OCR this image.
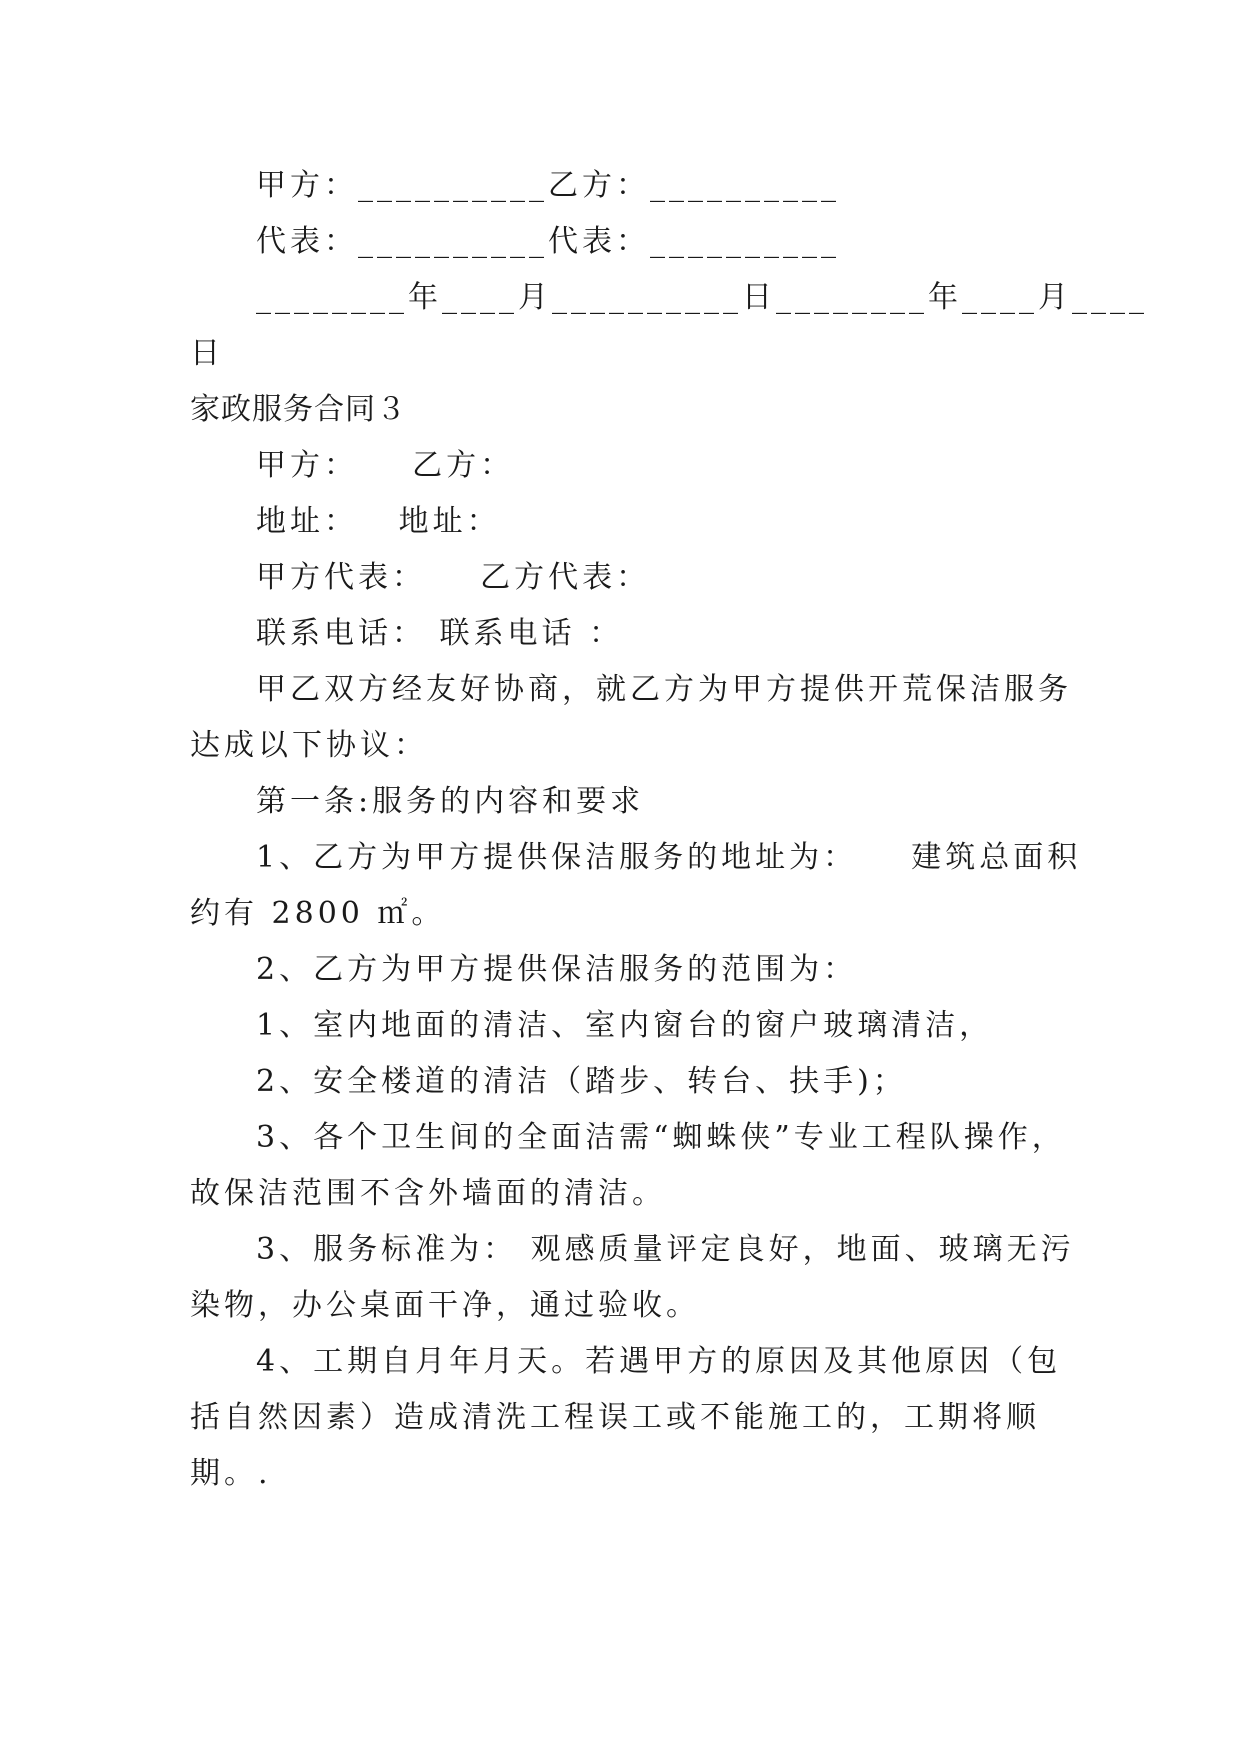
甲方：__________乙方：__________
代表：__________代表：__________
________年____月__________日________年____月____
日
家政服务合同３
甲方：    乙方：
地址：   地址：
甲方代表：    乙方代表：
联系电话： 联系电话 ：
甲乙双方经友好协商，就乙方为甲方提供开荒保洁服务
达成以下协议：
第一条:服务的内容和要求
1、乙方为甲方提供保洁服务的地址为：    建筑总面积
约有 2800 ㎡。
2、乙方为甲方提供保洁服务的范围为：
1、室内地面的清洁、室内窗台的窗户玻璃清洁，
2、安全楼道的清洁（踏步、转台、扶手)；
3、各个卫生间的全面洁需“蜘蛛侠”专业工程队操作，
故保洁范围不含外墙面的清洁。
3、服务标准为： 观感质量评定良好，地面、玻璃无污
染物，办公桌面干净，通过验收。
4、工期自月年月天。若遇甲方的原因及其他原因（包
括自然因素）造成清洗工程误工或不能施工的，工期将顺
期。.
